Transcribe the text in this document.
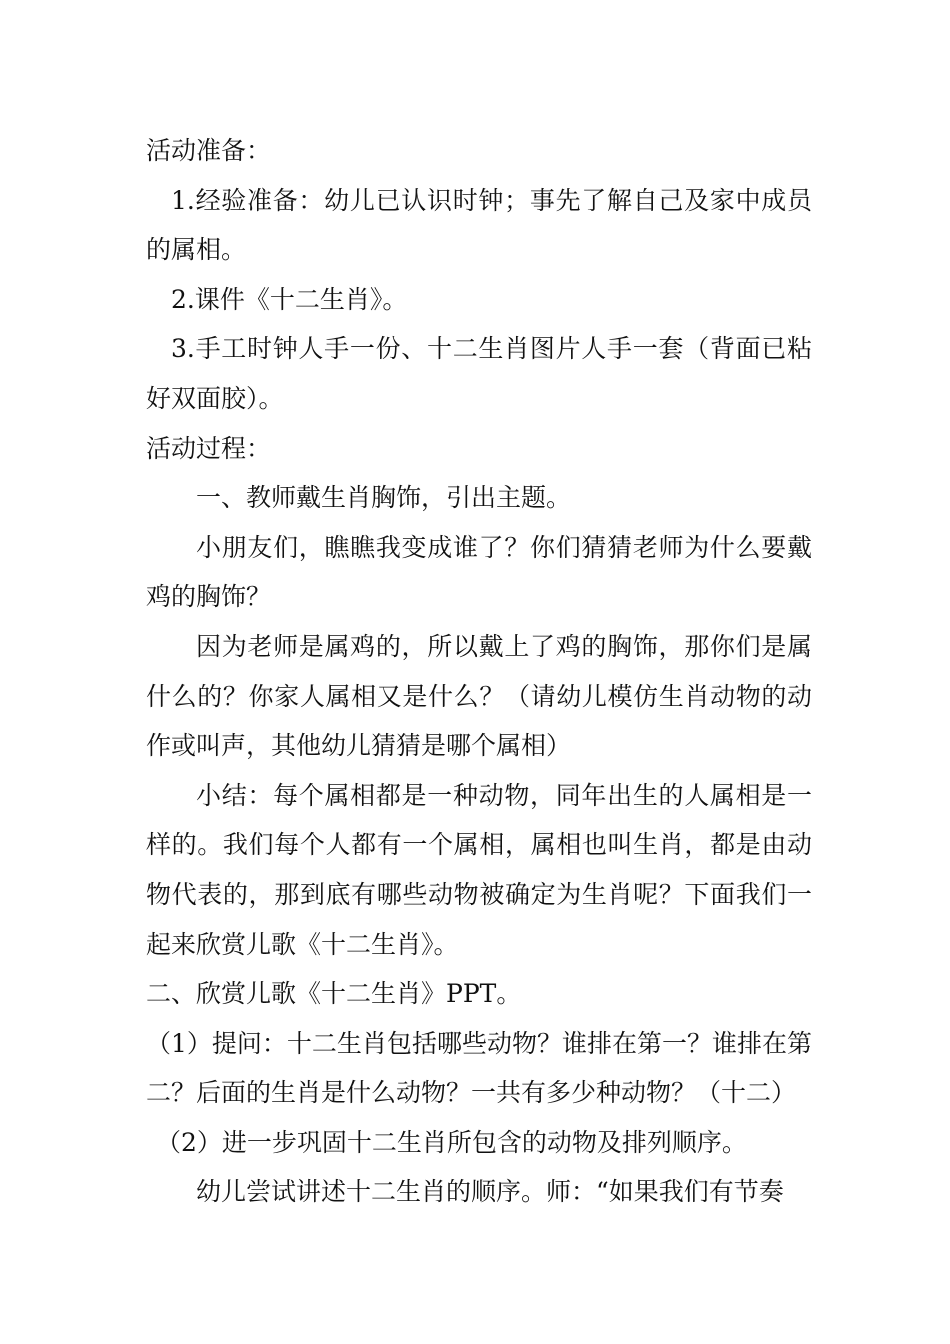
活动准备：

1.经验准备：幼儿已认识时钟；事先了解自己及家中成员的属相。

2.课件《十二生肖》。

3.手工时钟人手一份、十二生肖图片人手一套（背面已粘好双面胶）。

活动过程：

一、教师戴生肖胸饰，引出主题。

小朋友们，瞧瞧我变成谁了？你们猜猜老师为什么要戴鸡的胸饰？

因为老师是属鸡的，所以戴上了鸡的胸饰，那你们是属什么的？你家人属相又是什么？（请幼儿模仿生肖动物的动作或叫声，其他幼儿猜猜是哪个属相）

小结：每个属相都是一种动物，同年出生的人属相是一样的。我们每个人都有一个属相，属相也叫生肖，都是由动物代表的，那到底有哪些动物被确定为生肖呢？下面我们一起来欣赏儿歌《十二生肖》。

二、欣赏儿歌《十二生肖》PPT。

（1）提问：十二生肖包括哪些动物？谁排在第一？谁排在第二？后面的生肖是什么动物？一共有多少种动物？（十二）

（2）进一步巩固十二生肖所包含的动物及排列顺序。

幼儿尝试讲述十二生肖的顺序。师：“如果我们有节奏
